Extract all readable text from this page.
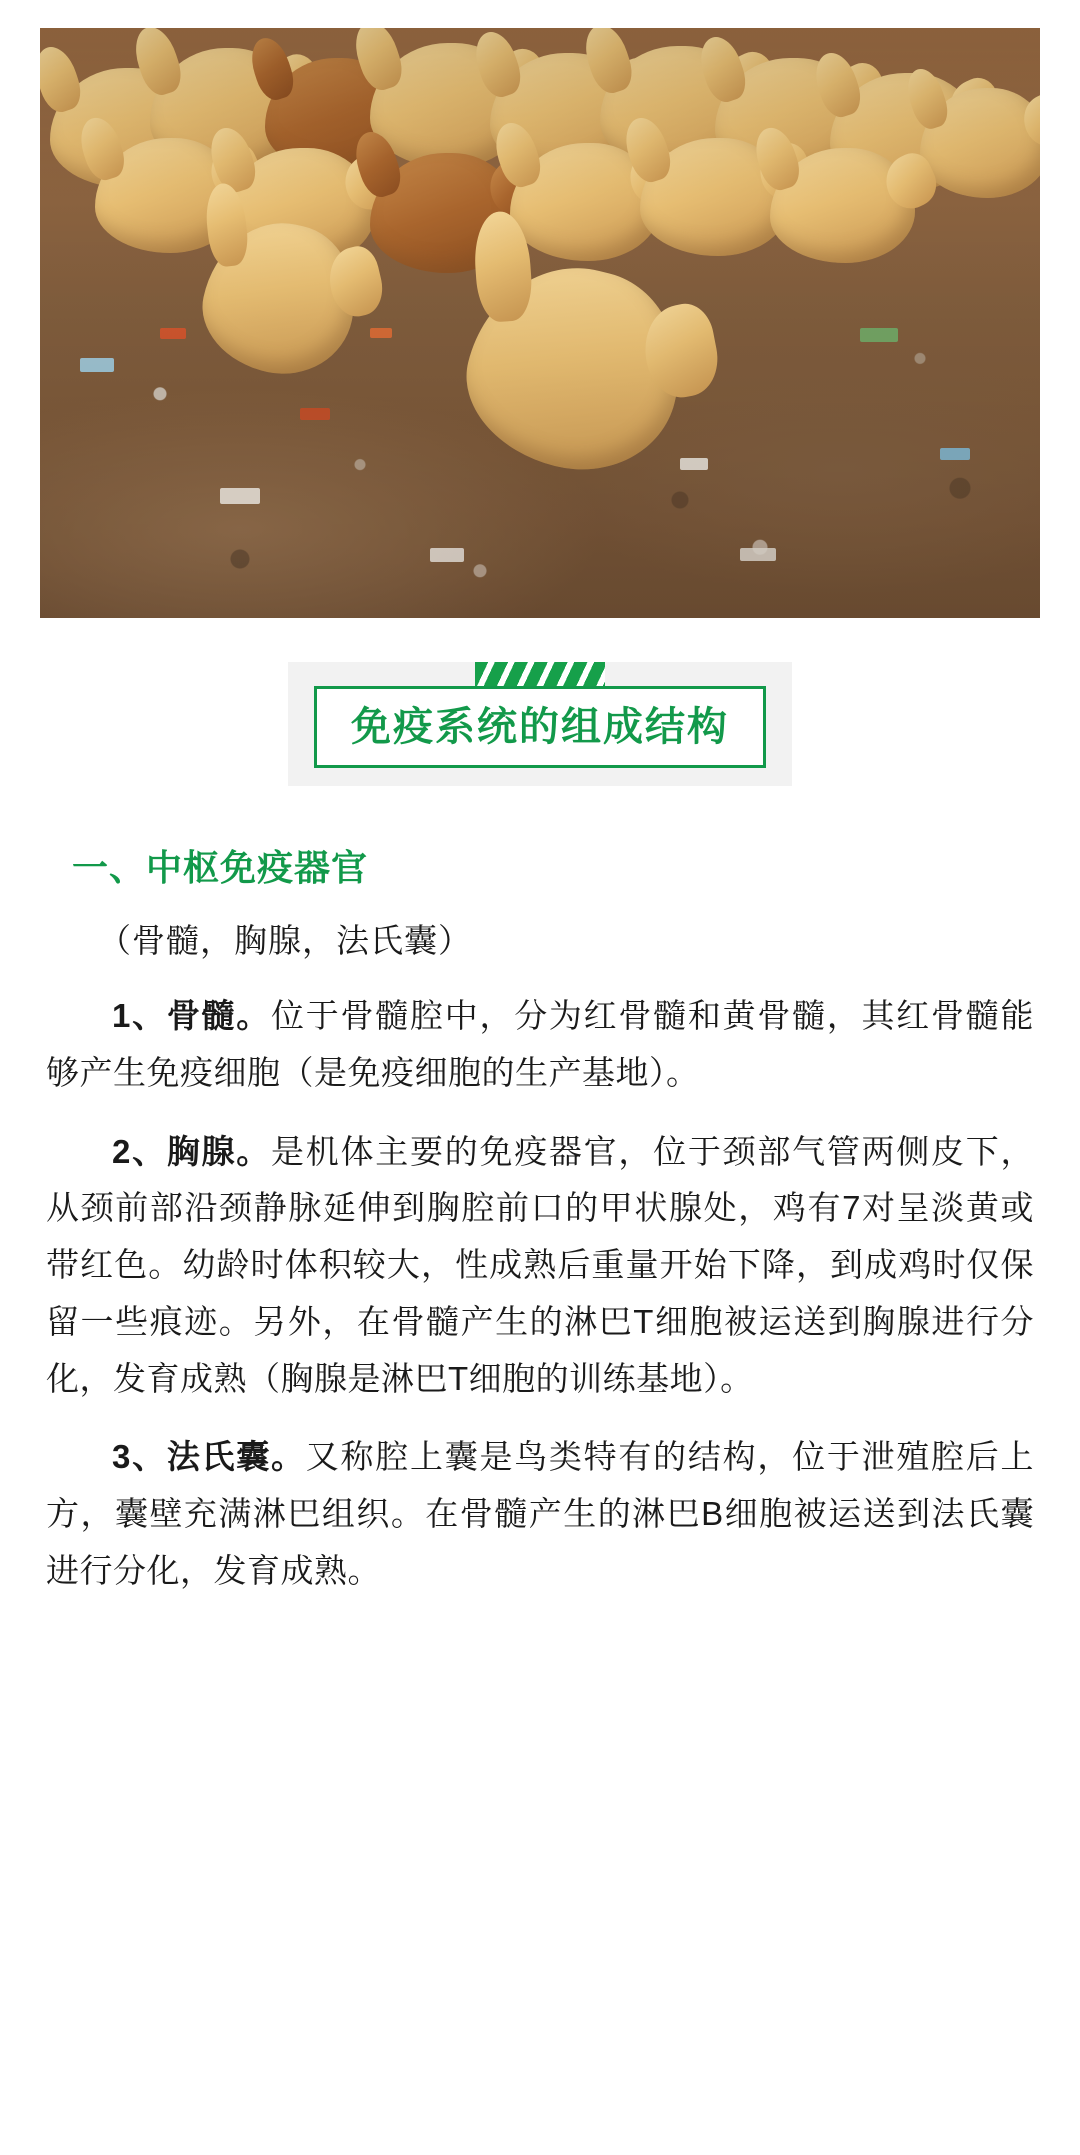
免疫系统的组成结构
一、中枢免疫器官
（骨髓，胸腺，法氏囊）

1、骨髓。位于骨髓腔中，分为红骨髓和黄骨髓，其红骨髓能够产生免疫细胞（是免疫细胞的生产基地）。

2、胸腺。是机体主要的免疫器官，位于颈部气管两侧皮下，从颈前部沿颈静脉延伸到胸腔前口的甲状腺处，鸡有7对呈淡黄或带红色。幼龄时体积较大，性成熟后重量开始下降，到成鸡时仅保留一些痕迹。另外，在骨髓产生的淋巴T细胞被运送到胸腺进行分化，发育成熟（胸腺是淋巴T细胞的训练基地）。

3、法氏囊。又称腔上囊是鸟类特有的结构，位于泄殖腔后上方，囊壁充满淋巴组织。在骨髓产生的淋巴B细胞被运送到法氏囊进行分化，发育成熟。
